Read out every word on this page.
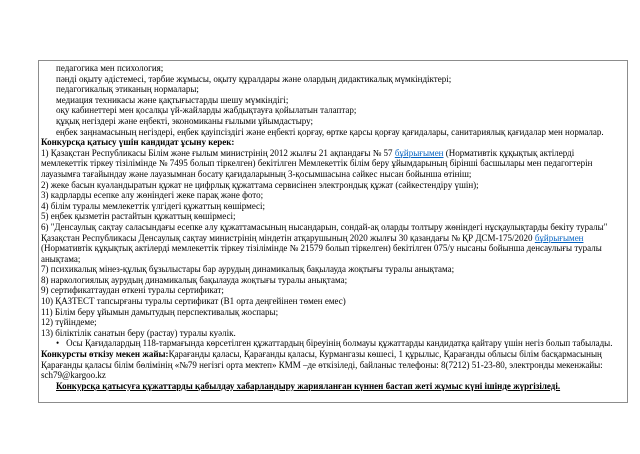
педагогика мен психология;

пәнді оқыту әдістемесі, тәрбие жұмысы, оқыту құралдары және олардың дидактикалық мүмкіндіктері;

педагогикалық этиканың нормалары;

медиация техникасы және қақтығыстарды шешу мүмкіндігі;

оқу кабинеттері мен қосалқы үй-жайларды жабдықтауға қойылатын талаптар;

құқық негіздері және еңбекті, экономиканы ғылыми ұйымдастыру;

еңбек заңнамасының негіздері, еңбек қауіпсіздігі және еңбекті қорғау, өртке қарсы қорғау қағидалары, санитариялық қағидалар мен нормалар.

Конкурсқа қатысу үшін кандидат ұсыну керек:

1) Қазақстан Республикасы Білім және ғылым министрінің 2012 жылғы 21 ақпандағы № 57 бұйрығымен (Нормативтік құқықтық актілерді мемлекеттік тіркеу тізілімінде № 7495 болып тіркелген) бекітілген Мемлекеттік білім беру ұйымдарының бірінші басшылары мен педагогтерін лауазымға тағайындау және лауазымнан босату қағидаларының 3-қосымшасына сәйкес нысан бойынша өтініш;

2) жеке басын куәландыратын құжат не цифрлық құжаттама сервисінен электрондық құжат (сәйкестендіру үшін);

3) кадрларды есепке алу жөніндегі жеке парақ және фото;

4) білім туралы мемлекеттік үлгідегі құжаттың көшірмесі;

5) еңбек қызметін растайтын құжаттың көшірмесі;

6) "Денсаулық сақтау саласындағы есепке алу құжаттамасының нысандарын, сондай-ақ оларды толтыру жөніндегі нұсқаулықтарды бекіту туралы" Қазақстан Республикасы Денсаулық сақтау министрінің міндетін атқарушының 2020 жылғы 30 қазандағы № ҚР ДСМ-175/2020 бұйрығымен (Нормативтік құқықтық актілерді мемлекеттік тіркеу тізілімінде № 21579 болып тіркелген) бекітілген 075/у нысаны бойынша денсаулығы туралы анықтама;

7) психикалық мінез-құлық бұзылыстары бар аурудың динамикалық бақылауда жоқтығы туралы анықтама;

8) наркологиялық аурудың динамикалық бақылауда жоқтығы туралы анықтама;

9) сертификаттаудан өткені туралы сертификат;

10) ҚАЗТЕСТ тапсырғаны туралы сертификат (В1 орта деңгейінен төмен емес)

11) Білім беру ұйымын дамытудың перспективалық жоспары;

12) түйіндеме;

13) біліктілік санатын беру (растау) туралы куәлік.

• Осы Қағидалардың 118-тармағында көрсетілген құжаттардың біреуінің болмауы құжаттарды кандидатқа қайтару үшін негіз болып табылады.

Конкурсты өткізу мекен жайы:Қарағанды қаласы, Қарағанды қаласы, Курмангазы көшесі, 1 құрылыс, Қарағанды облысы білім басқармасының Қарағанды қаласы білім бөлімінің «№79 негізгі орта мектеп» КММ –де өткізіледі, байланыс телефоны: 8(7212) 51-23-80, электронды мекенжайы: sch79@kargoo.kz

Конкурсқа қатысуға құжаттарды қабылдау хабарландыру жарияланған күннен бастап жеті жұмыс күні ішінде жүргізіледі.
